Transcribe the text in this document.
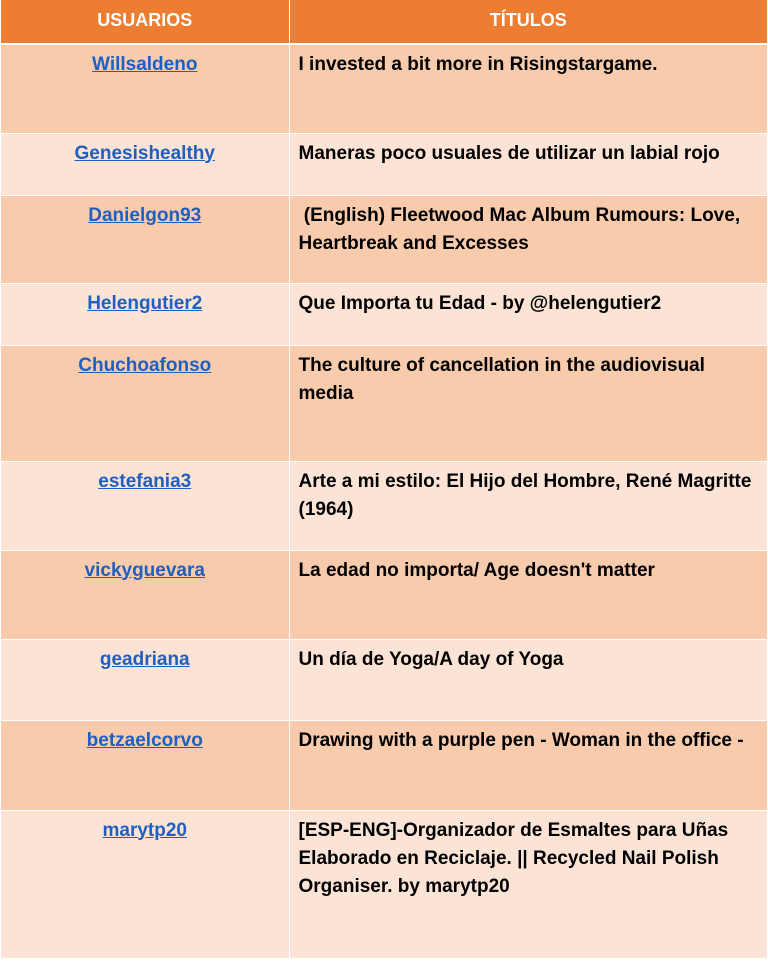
USUARIOS	TÍTULOS
Willsaldeno	I invested a bit more in Risingstargame.
Genesishealthy	Maneras poco usuales de utilizar un labial rojo
Danielgon93	(English) Fleetwood Mac Album Rumours: Love, Heartbreak and Excesses
Helengutier2	Que Importa tu Edad - by @helengutier2
Chuchoafonso	The culture of cancellation in the audiovisual media
estefania3	Arte a mi estilo: El Hijo del Hombre, René Magritte (1964)
vickyguevara	La edad no importa/ Age doesn't matter
geadriana	Un día de Yoga/A day of Yoga
betzaelcorvo	Drawing with a purple pen - Woman in the office -
marytp20	[ESP-ENG]-Organizador de Esmaltes para Uñas Elaborado en Reciclaje. || Recycled Nail Polish Organiser. by marytp20
